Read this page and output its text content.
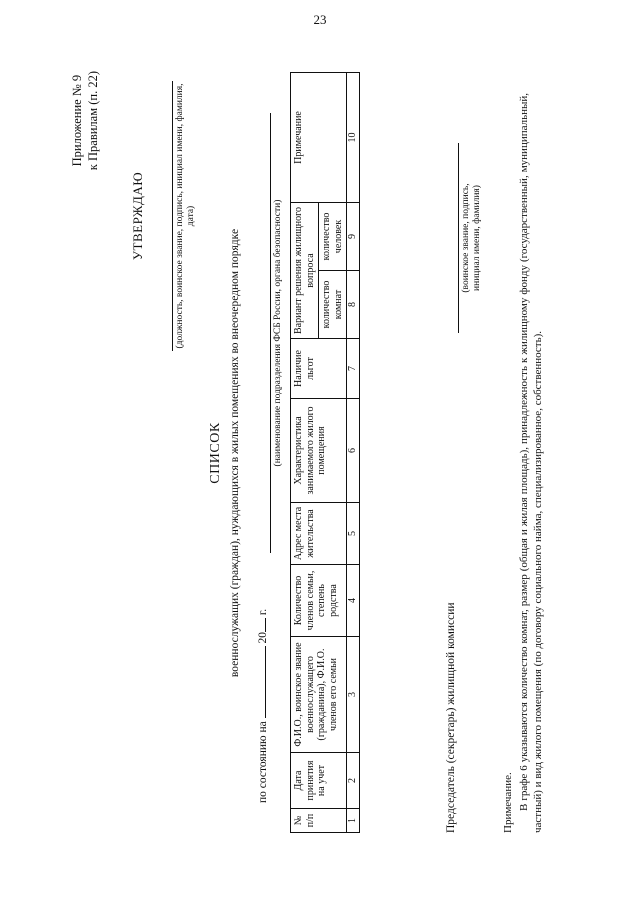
23
Приложение № 9 к Правилам (п. 22)
УТВЕРЖДАЮ	(должность, воинское звание, подпись, инициал имени, фамилия, дата)
СПИСОК военнослужащих (граждан), нуждающихся в жилых помещениях во внеочередном порядке
по состоянию на  20 г.
(наименование подразделения ФСБ России, органа безопасности)
№ п/п	Дата принятия на учет	Ф.И.О., воинское звание военнослужащего (гражданина), Ф.И.О. членов его семьи	Количество членов семьи, степень родства	Адрес места жительства	Характеристика занимаемого жилого помещения	Наличие льгот	Вариант решения жилищного вопроса		Примечание
							количество комнат	количество человек	
1	2	3	4	5	6	7	8	9	10
Председатель (секретарь) жилищной комиссии
(воинское звание, подпись, инициал имени, фамилия)
Примечание. В графе 6 указываются количество комнат, размер (общая и жилая площадь), принадлежность к жилищному фонду (государственный, муниципальный, частный) и вид жилого помещения (по договору социального найма, специализированное, собственность).
